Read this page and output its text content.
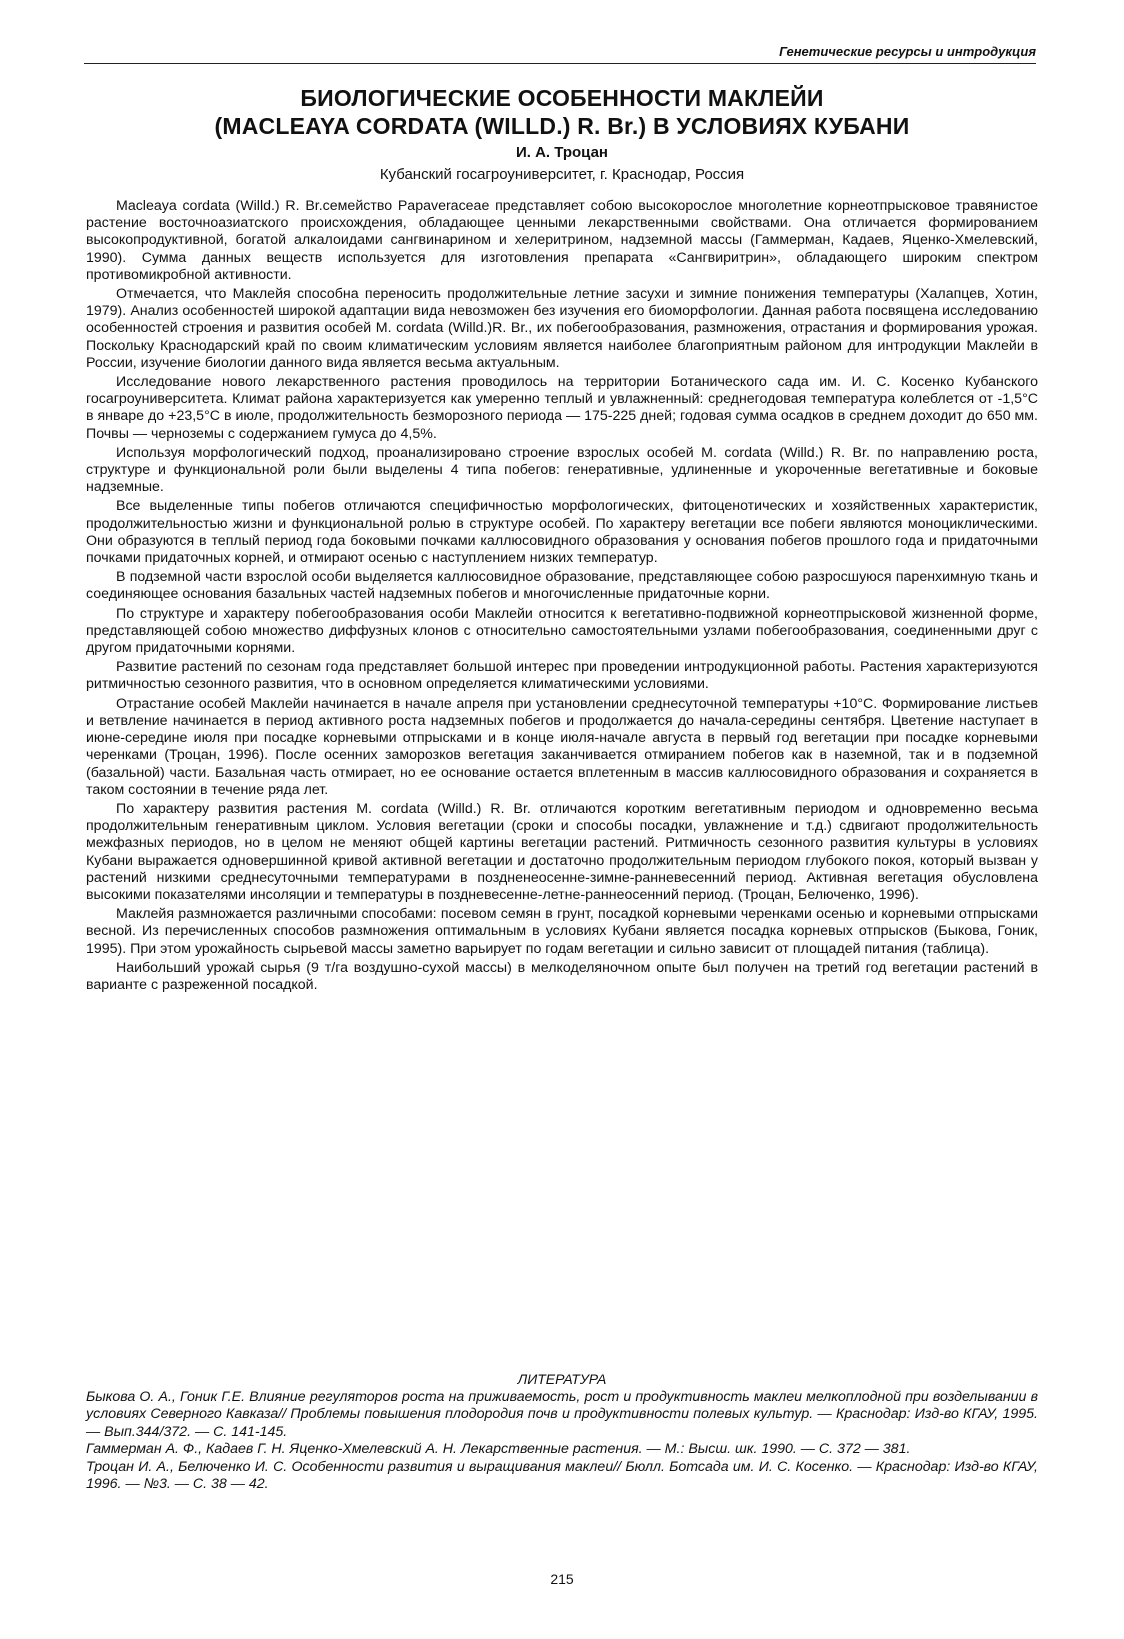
Генетические ресурсы и интродукция
БИОЛОГИЧЕСКИЕ ОСОБЕННОСТИ МАКЛЕЙИ
(MACLEAYA CORDATA (WILLD.) R. Br.) В УСЛОВИЯХ КУБАНИ
И. А. Троцан
Кубанский госагроуниверситет, г. Краснодар, Россия

Macleaya cordata (Willd.) R. Br.семейство Papaveraceae представляет собою высокорослое многолетние корнеотпрысковое травянистое растение восточноазиатского происхождения, обладающее ценными лекарственными свойствами. Она отличается формированием высокопродуктивной, богатой алкалоидами сангвинарином и хелеритрином, надземной массы (Гаммерман, Кадаев, Яценко-Хмелевский, 1990). Сумма данных веществ используется для изготовления препарата «Сангвиритрин», обладающего широким спектром противомикробной активности.

Отмечается, что Маклейя способна переносить продолжительные летние засухи и зимние понижения температуры (Халапцев, Хотин, 1979). Анализ особенностей широкой адаптации вида невозможен без изучения его биоморфологии. Данная работа посвящена исследованию особенностей строения и развития особей M. cordata (Willd.)R. Br., их побегообразования, размножения, отрастания и формирования урожая. Поскольку Краснодарский край по своим климатическим условиям является наиболее благоприятным районом для интродукции Маклейи в России, изучение биологии данного вида является весьма актуальным.

Исследование нового лекарственного растения проводилось на территории Ботанического сада им. И. С. Косенко Кубанского госагроуниверситета. Климат района характеризуется как умеренно теплый и увлажненный: среднегодовая температура колеблется от -1,5°С в январе до +23,5°С в июле, продолжительность безморозного периода — 175-225 дней; годовая сумма осадков в среднем доходит до 650 мм. Почвы — черноземы с содержанием гумуса до 4,5%.

Используя морфологический подход, проанализировано строение взрослых особей M. cordata (Willd.) R. Br. по направлению роста, структуре и функциональной роли были выделены 4 типа побегов: генеративные, удлиненные и укороченные вегетативные и боковые надземные.

Все выделенные типы побегов отличаются специфичностью морфологических, фитоценотических и хозяйственных характеристик, продолжительностью жизни и функциональной ролью в структуре особей. По характеру вегетации все побеги являются моноциклическими. Они образуются в теплый период года боковыми почками каллюсовидного образования у основания побегов прошлого года и придаточными почками придаточных корней, и отмирают осенью с наступлением низких температур.

В подземной части взрослой особи выделяется каллюсовидное образование, представляющее собою разросшуюся паренхимную ткань и соединяющее основания базальных частей надземных побегов и многочисленные придаточные корни.

По структуре и характеру побегообразования особи Маклейи относится к вегетативно-подвижной корнеотпрысковой жизненной форме, представляющей собою множество диффузных клонов с относительно самостоятельными узлами побегообразования, соединенными друг с другом придаточными корнями.

Развитие растений по сезонам года представляет большой интерес при проведении интродукционной работы. Растения характеризуются ритмичностью сезонного развития, что в основном определяется климатическими условиями.

Отрастание особей Маклейи начинается в начале апреля при установлении среднесуточной температуры +10°С. Формирование листьев и ветвление начинается в период активного роста надземных побегов и продолжается до начала-середины сентября. Цветение наступает в июне-середине июля при посадке корневыми отпрысками и в конце июля-начале августа в первый год вегетации при посадке корневыми черенками (Троцан, 1996). После осенних заморозков вегетация заканчивается отмиранием побегов как в наземной, так и в подземной (базальной) части. Базальная часть отмирает, но ее основание остается вплетенным в массив каллюсовидного образования и сохраняется в таком состоянии в течение ряда лет.

По характеру развития растения M. cordata (Willd.) R. Br. отличаются коротким вегетативным периодом и одновременно весьма продолжительным генеративным циклом. Условия вегетации (сроки и способы посадки, увлажнение и т.д.) сдвигают продолжительность межфазных периодов, но в целом не меняют общей картины вегетации растений. Ритмичность сезонного развития культуры в условиях Кубани выражается одновершинной кривой активной вегетации и достаточно продолжительным периодом глубокого покоя, который вызван у растений низкими среднесуточными температурами в поздненеосенне-зимне-ранневесенний период. Активная вегетация обусловлена высокими показателями инсоляции и температуры в поздневесенне-летне-раннеосенний период. (Троцан, Белюченко, 1996).

Маклейя размножается различными способами: посевом семян в грунт, посадкой корневыми черенками осенью и корневыми отпрысками весной. Из перечисленных способов размножения оптимальным в условиях Кубани является посадка корневых отпрысков (Быкова, Гоник, 1995). При этом урожайность сырьевой массы заметно варьирует по годам вегетации и сильно зависит от площадей питания (таблица).

Наибольший урожай сырья (9 т/га воздушно-сухой массы) в мелкоделяночном опыте был получен на третий год вегетации растений в варианте с разреженной посадкой.

ЛИТЕРАТУРА

Быкова О. А., Гоник Г.Е. Влияние регуляторов роста на приживаемость, рост и продуктивность маклеи мелкоплодной при возделывании в условиях Северного Кавказа// Проблемы повышения плодородия почв и продуктивности полевых культур. — Краснодар: Изд-во КГАУ, 1995. — Вып.344/372. — С. 141-145.

Гаммерман А. Ф., Кадаев Г. Н. Яценко-Хмелевский А. Н. Лекарственные растения. — М.: Высш. шк. 1990. — С. 372 — 381.

Троцан И. А., Белюченко И. С. Особенности развития и выращивания маклеи// Бюлл. Ботсада им. И. С. Косенко. — Краснодар: Изд-во КГАУ, 1996. — №3. — С. 38 — 42.

215
